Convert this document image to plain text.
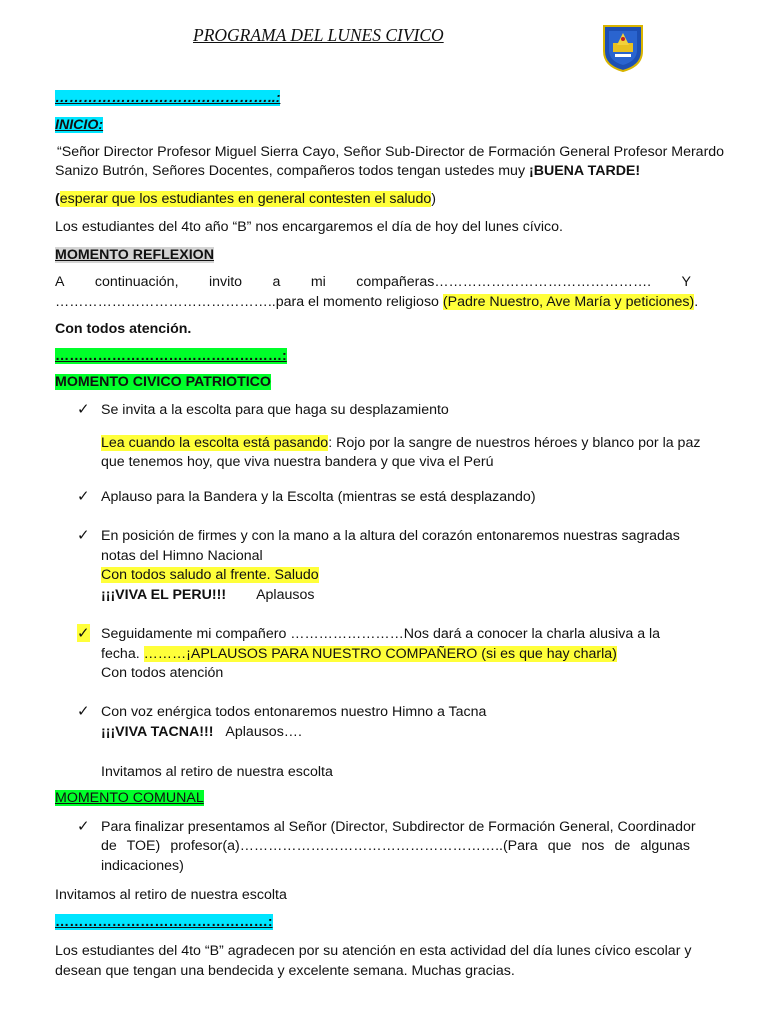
PROGRAMA DEL LUNES CIVICO
………………………………………..:
INICIO:
“Señor Director Profesor Miguel Sierra Cayo, Señor Sub-Director de Formación General Profesor Merardo
Sanizo Butrón, Señores Docentes, compañeros todos tengan ustedes muy ¡BUENA TARDE!
(esperar que los estudiantes en general contesten el saludo)
Los estudiantes del 4to año “B” nos encargaremos el día de hoy del lunes cívico.
MOMENTO REFLEXION
A continuación, invito a mi compañeras………………………………………. Y
………………………………………..para el momento religioso (Padre Nuestro, Ave María y peticiones).
Con todos atención.
…………………………………………:
MOMENTO CIVICO PATRIOTICO
✓ Se invita a la escolta para que haga su desplazamiento
Lea cuando la escolta está pasando: Rojo por la sangre de nuestros héroes y blanco por la paz
que tenemos hoy, que viva nuestra bandera y que viva el Perú
✓ Aplauso para la Bandera y la Escolta (mientras se está desplazando)
✓ En posición de firmes y con la mano a la altura del corazón entonaremos nuestras sagradas
notas del Himno Nacional
Con todos saludo al frente. Saludo
¡¡¡VIVA EL PERU!!! Aplausos
✓ Seguidamente mi compañero ……………………Nos dará a conocer la charla alusiva a la
fecha. ………¡APLAUSOS PARA NUESTRO COMPAÑERO (si es que hay charla)
Con todos atención
✓ Con voz enérgica todos entonaremos nuestro Himno a Tacna
¡¡¡VIVA TACNA!!! Aplausos….
Invitamos al retiro de nuestra escolta
MOMENTO COMUNAL
✓ Para finalizar presentamos al Señor (Director, Subdirector de Formación General, Coordinador
de TOE) profesor(a)………………………………………………..(Para que nos de algunas
indicaciones)
Invitamos al retiro de nuestra escolta
………………………………………:
Los estudiantes del 4to “B” agradecen por su atención en esta actividad del día lunes cívico escolar y
desean que tengan una bendecida y excelente semana. Muchas gracias.
